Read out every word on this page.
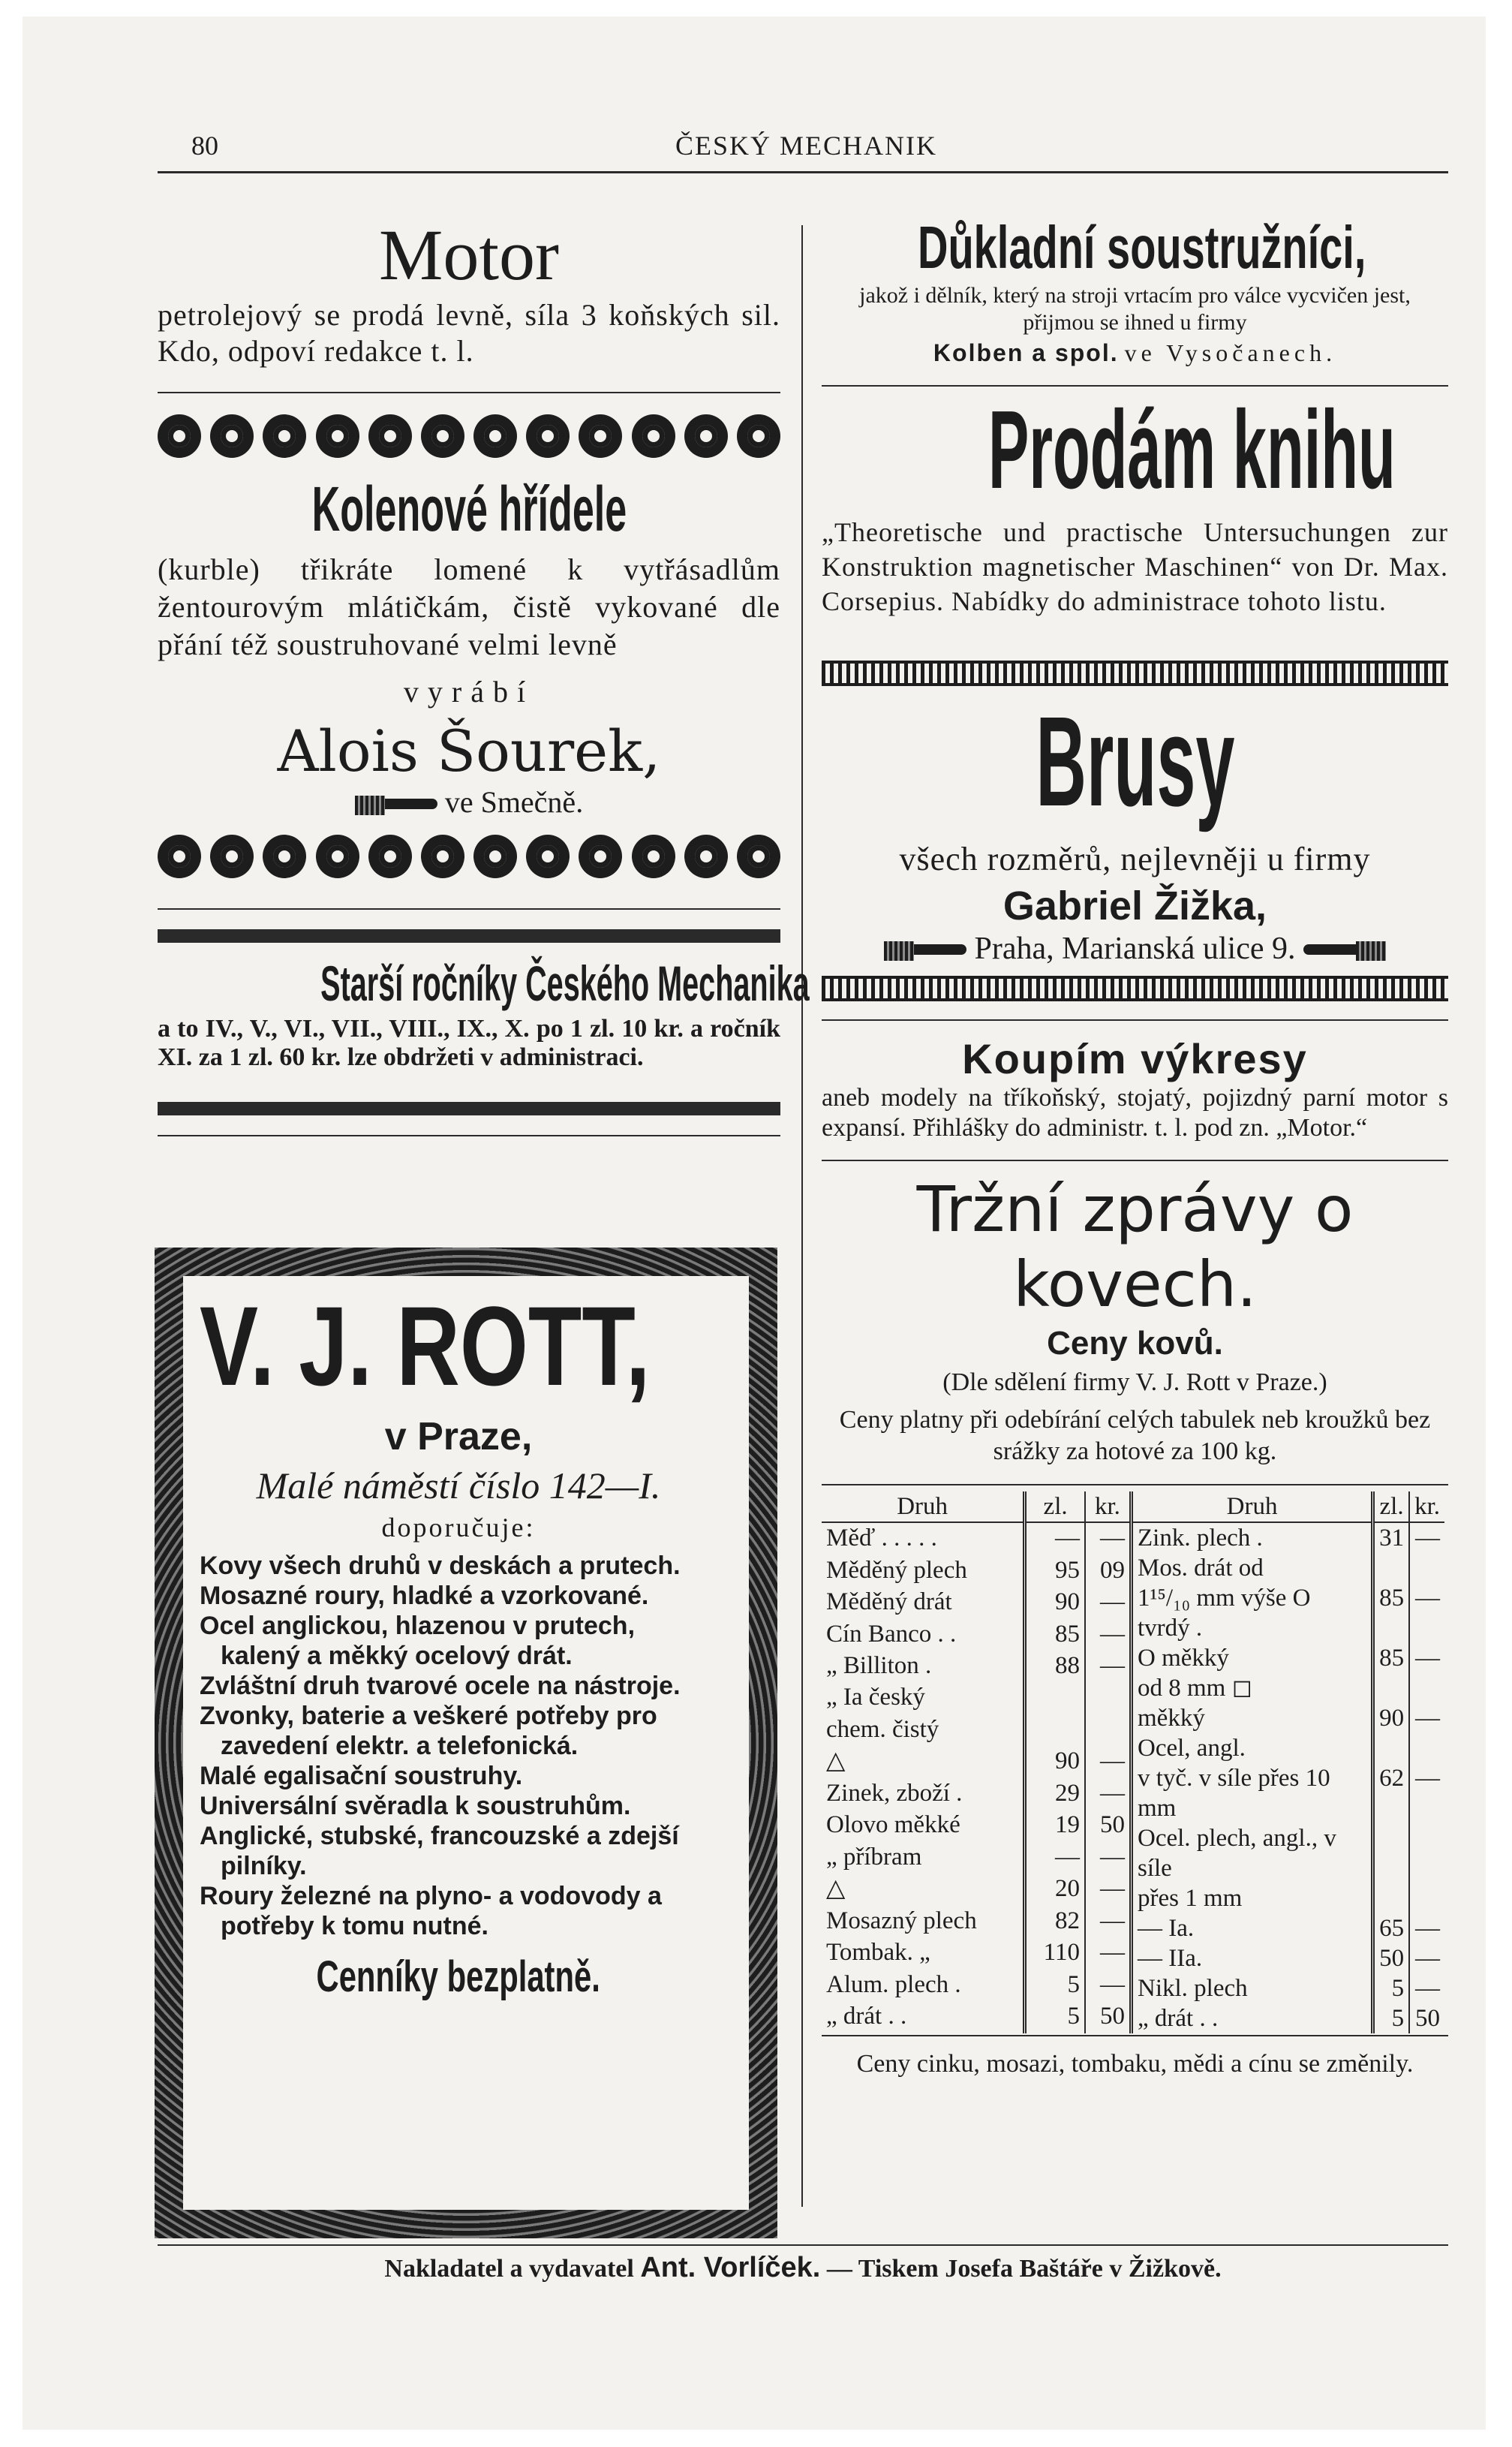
80	ČESKÝ MECHANIK
Motor
petrolejový se prodá levně, síla 3 koňských sil. Kdo, odpoví redakce t. l.
Kolenové hřídele
(kurble) třikráte lomené k vytřásadlům žentourovým mlátičkám, čistě vykované dle přání též soustruhované velmi levně
vyrábí
Alois Šourek,
ve Smečně.
Starší ročníky Českého Mechanika
a to IV., V., VI., VII., VIII., IX., X. po 1 zl. 10 kr. a ročník XI. za 1 zl. 60 kr. lze obdržeti v administraci.
V. J. ROTT,
v Praze,
Malé náměstí číslo 142—I.
doporučuje:
Kovy všech druhů v deskách a prutech.
Mosazné roury, hladké a vzorkované.
Ocel anglickou, hlazenou v prutech, kalený a měkký ocelový drát.
Zvláštní druh tvarové ocele na nástroje.
Zvonky, baterie a veškeré potřeby pro zavedení elektr. a telefonická.
Malé egalisační soustruhy.
Universální svěradla k soustruhům.
Anglické, stubské, francouzské a zdejší pilníky.
Roury železné na plyno- a vodovody a potřeby k tomu nutné.
Cenníky bezplatně.
Důkladní soustružníci,
jakož i dělník, který na stroji vrtacím pro válce vycvičen jest, přijmou se ihned u firmy
Kolben a spol. ve Vysočanech.
Prodám knihu
„Theoretische und practische Untersuchungen zur Konstruktion magnetischer Maschinen“ von Dr. Max. Corsepius. Nabídky do administrace tohoto listu.
Brusy
všech rozměrů, nejlevněji u firmy
Gabriel Žižka,
Praha, Marianská ulice 9.
Koupím výkresy
aneb modely na tříkoňský, stojatý, pojizdný parní motor s expansí. Přihlášky do administr. t. l. pod zn. „Motor.“
Tržní zprávy o kovech.
Ceny kovů.
(Dle sdělení firmy V. J. Rott v Praze.)
Ceny platny při odebírání celých tabulek neb kroužků bez srážky za hotové za 100 kg.
Druh	zl.	kr.
Měď . . . . .	—	—
Měděný plech	95	09
Měděný drát	90	—
Cín Banco . .	85	—
„ Billiton .	88	—
„ Ia český		
chem. čistý		
△	90	—
Zinek, zboží .	29	—
Olovo měkké	19	50
„ příbram	—	—
△	20	—
Mosazný plech	82	—
Tombak. „	110	—
Alum. plech .	5	—
„ drát . .	5	50
Druh	zl.	kr.
Zink. plech .	31	—
Mos. drát od		
1¹⁵/₁₀ mm výše O tvrdý .	85	—
O měkký	85	—
od 8 mm ◻		
měkký	90	—
Ocel, angl.		
v tyč. v síle přes 10 mm	62	—
Ocel. plech, angl., v síle		
přes 1 mm		
— Ia.	65	—
— IIa.	50	—
Nikl. plech	5	—
„ drát . .	5	50
Ceny cinku, mosazi, tombaku, mědi a cínu se změnily.
Nakladatel a vydavatel Ant. Vorlíček. — Tiskem Josefa Baštáře v Žižkově.
